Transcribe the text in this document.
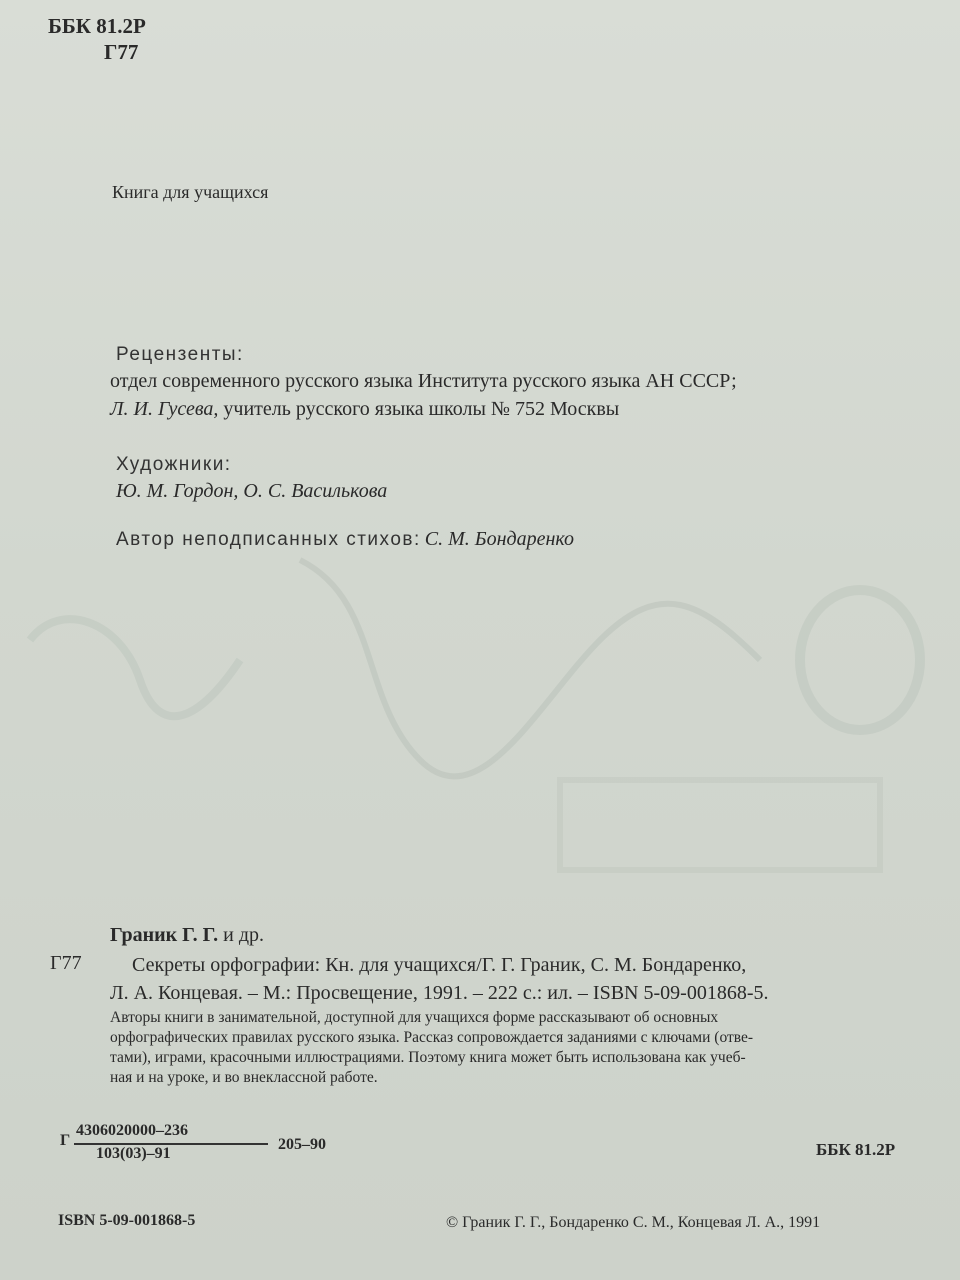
ББК 81.2Р
Г77
Книга для учащихся
Рецензенты:
отдел современного русского языка Института русского языка АН СССР;
Л. И. Гусева, учитель русского языка школы № 752 Москвы
Художники:
Ю. М. Гордон, О. С. Василькова
Автор неподписанных стихов: С. М. Бондаренко
Граник Г. Г. и др.
Г77	Секреты орфографии: Кн. для учащихся/Г. Г. Граник, С. М. Бондаренко,
Л. А. Концевая. – М.: Просвещение, 1991. – 222 с.: ил. – ISBN 5-09-001868-5.
Авторы книги в занимательной, доступной для учащихся форме рассказывают об основных
орфографических правилах русского языка. Рассказ сопровождается заданиями с ключами (отве-
тами), играми, красочными иллюстрациями. Поэтому книга может быть использована как учеб-
ная и на уроке, и во внеклассной работе.
Г
4306020000–236
103(03)–91
205–90	ББК 81.2Р
ISBN 5-09-001868-5	© Граник Г. Г., Бондаренко С. М., Концевая Л. А., 1991
